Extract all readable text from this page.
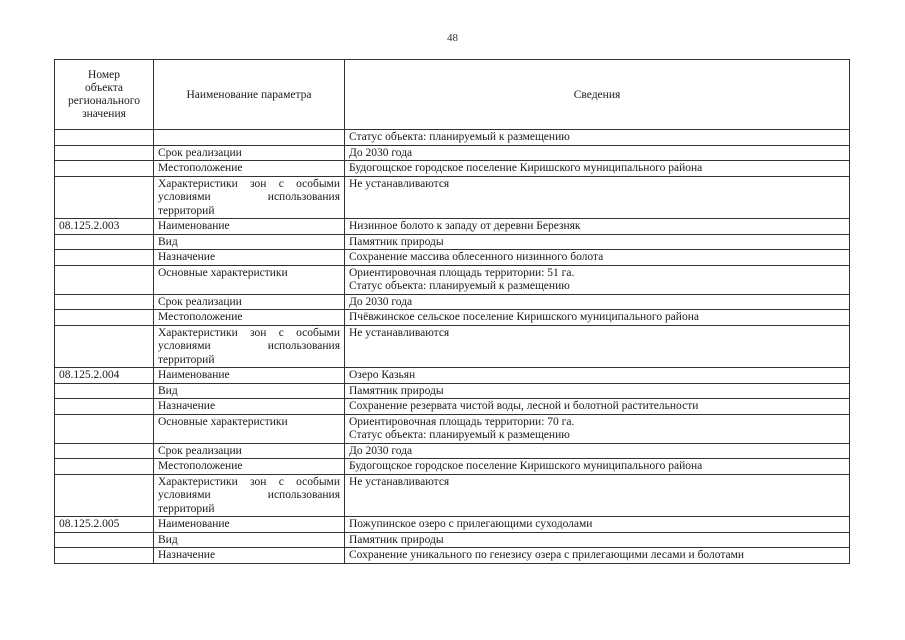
48
Номер
объекта
регионального
значения	Наименование параметра	Сведения

		Статус объекта: планируемый к размещению

	Срок реализации	До 2030 года

	Местоположение	Будогощское городское поселение Киришского муниципального района

	Характеристики зон с особыми условиями использования территорий	Не устанавливаются

08.125.2.003	Наименование	Низинное болото к западу от деревни Березняк

	Вид	Памятник природы

	Назначение	Сохранение массива облесенного низинного болота

	Основные характеристики	Ориентировочная площадь территории: 51 га.
Статус объекта: планируемый к размещению

	Срок реализации	До 2030 года

	Местоположение	Пчёвжинское сельское поселение Киришского муниципального района

	Характеристики зон с особыми условиями использования территорий	Не устанавливаются

08.125.2.004	Наименование	Озеро Казьян

	Вид	Памятник природы

	Назначение	Сохранение резервата чистой воды, лесной и болотной растительности

	Основные характеристики	Ориентировочная площадь территории: 70 га.
Статус объекта: планируемый к размещению

	Срок реализации	До 2030 года

	Местоположение	Будогощское городское поселение Киришского муниципального района

	Характеристики зон с особыми условиями использования территорий	Не устанавливаются

08.125.2.005	Наименование	Пожупинское озеро с прилегающими суходолами

	Вид	Памятник природы

	Назначение	Сохранение уникального по генезису озера с прилегающими лесами и болотами
